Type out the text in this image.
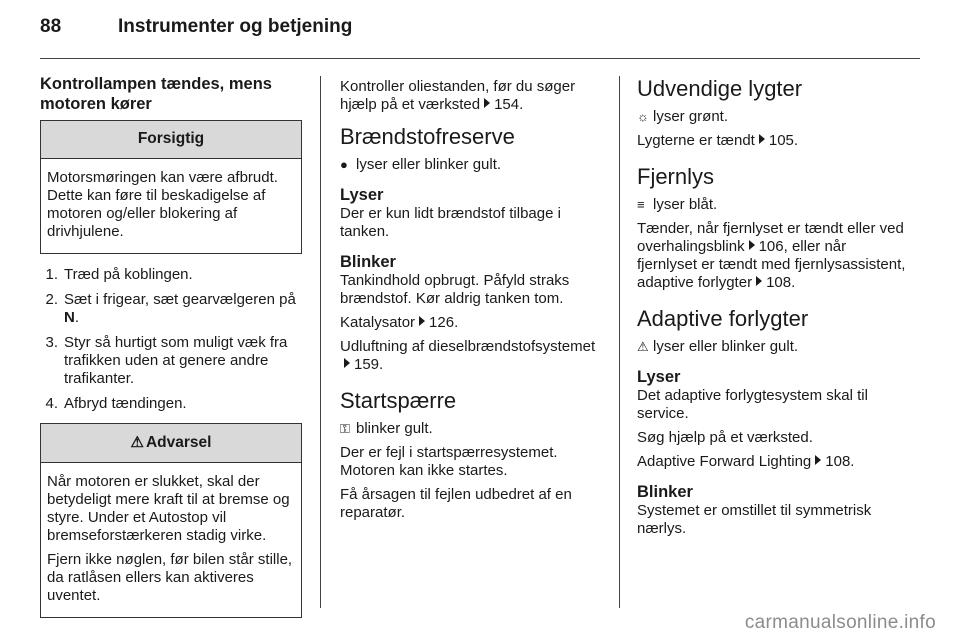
88	Instrumenter og betjening
Kontrollampen tændes, mens motoren kører
Forsigtig

Motorsmøringen kan være afbrudt. Dette kan føre til beskadigelse af motoren og/eller blokering af drivhjulene.

1. Træd på koblingen.
2. Sæt i frigear, sæt gearvælgeren på N.
3. Styr så hurtigt som muligt væk fra trafikken uden at genere andre trafikanter.
4. Afbryd tændingen.
⚠ Advarsel

Når motoren er slukket, skal der betydeligt mere kraft til at bremse og styre. Under et Autostop vil bremseforstærkeren stadig virke.

Fjern ikke nøglen, før bilen står stille, da ratlåsen ellers kan aktiveres uventet.

Kontroller oliestanden, før du søger hjælp på et værksted 154.

Brændstofreserve

● lyser eller blinker gult.

Lyser

Der er kun lidt brændstof tilbage i tanken.

Blinker

Tankindhold opbrugt. Påfyld straks brændstof. Kør aldrig tanken tom.

Katalysator 126.

Udluftning af dieselbrændstofsystemet159.

Startspærre

⚿ blinker gult.

Der er fejl i startspærresystemet. Motoren kan ikke startes.

Få årsagen til fejlen udbedret af en reparatør.

Udvendige lygter

☼ lyser grønt.

Lygterne er tændt 105.

Fjernlys

≡ lyser blåt.

Tænder, når fjernlyset er tændt eller ved overhalingsblink 106, eller når fjernlyset er tændt med fjernlysassistent, adaptive forlygter 108.

Adaptive forlygter

⚠ lyser eller blinker gult.

Lyser

Det adaptive forlygtesystem skal til service.

Søg hjælp på et værksted.

Adaptive Forward Lighting 108.

Blinker

Systemet er omstillet til symmetrisk nærlys.

carmanualsonline.info
